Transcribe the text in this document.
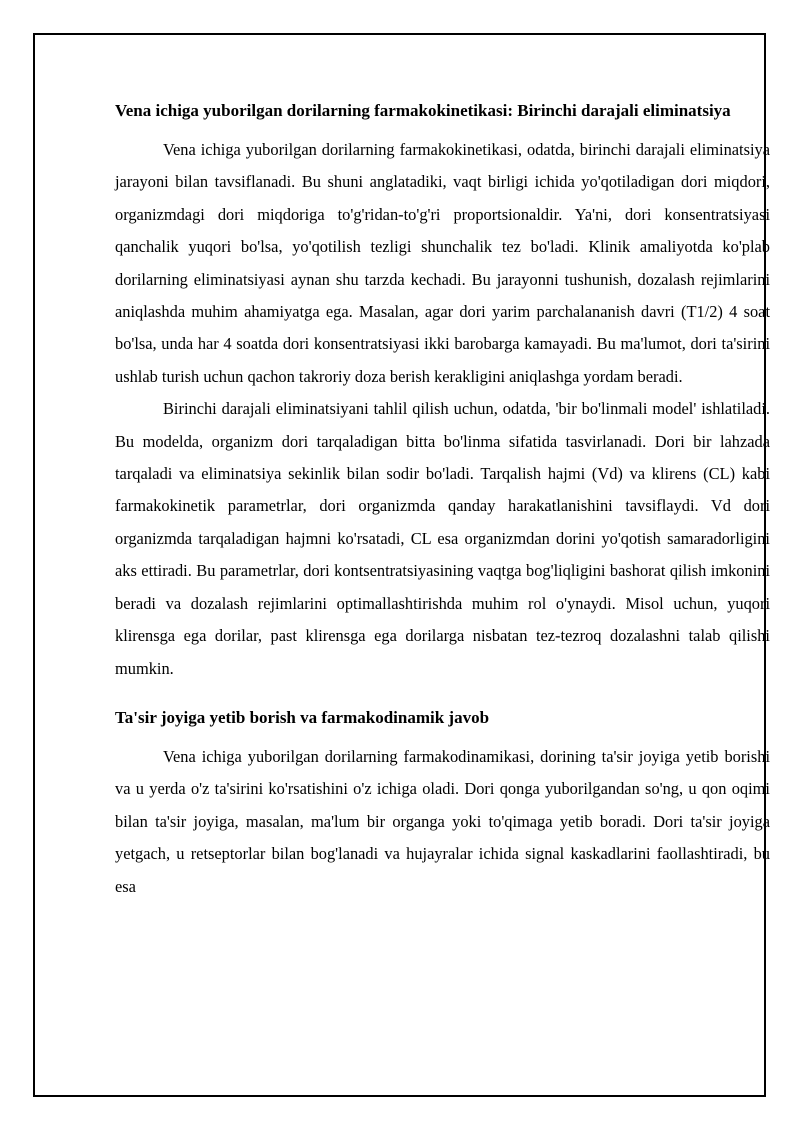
Vena ichiga yuborilgan dorilarning farmakokinetikasi: Birinchi darajali eliminatsiya

Vena ichiga yuborilgan dorilarning farmakokinetikasi, odatda, birinchi darajali eliminatsiya jarayoni bilan tavsiflanadi. Bu shuni anglatadiki, vaqt birligi ichida yo'qotiladigan dori miqdori, organizmdagi dori miqdoriga to'g'ridan-to'g'ri proportsionaldir. Ya'ni, dori konsentratsiyasi qanchalik yuqori bo'lsa, yo'qotilish tezligi shunchalik tez bo'ladi. Klinik amaliyotda ko'plab dorilarning eliminatsiyasi aynan shu tarzda kechadi. Bu jarayonni tushunish, dozalash rejimlarini aniqlashda muhim ahamiyatga ega. Masalan, agar dori yarim parchalananish davri (T1/2) 4 soat bo'lsa, unda har 4 soatda dori konsentratsiyasi ikki barobarga kamayadi. Bu ma'lumot, dori ta'sirini ushlab turish uchun qachon takroriy doza berish kerakligini aniqlashga yordam beradi.

Birinchi darajali eliminatsiyani tahlil qilish uchun, odatda, 'bir bo'linmali model' ishlatiladi. Bu modelda, organizm dori tarqaladigan bitta bo'linma sifatida tasvirlanadi. Dori bir lahzada tarqaladi va eliminatsiya sekinlik bilan sodir bo'ladi. Tarqalish hajmi (Vd) va klirens (CL) kabi farmakokinetik parametrlar, dori organizmda qanday harakatlanishini tavsiflaydi. Vd dori organizmda tarqaladigan hajmni ko'rsatadi, CL esa organizmdan dorini yo'qotish samaradorligini aks ettiradi. Bu parametrlar, dori kontsentratsiyasining vaqtga bog'liqligini bashorat qilish imkonini beradi va dozalash rejimlarini optimallashtirishda muhim rol o'ynaydi. Misol uchun, yuqori klirensga ega dorilar, past klirensga ega dorilarga nisbatan tez-tezroq dozalashni talab qilishi mumkin.

Ta'sir joyiga yetib borish va farmakodinamik javob

Vena ichiga yuborilgan dorilarning farmakodinamikasi, dorining ta'sir joyiga yetib borishi va u yerda o'z ta'sirini ko'rsatishini o'z ichiga oladi. Dori qonga yuborilgandan so'ng, u qon oqimi bilan ta'sir joyiga, masalan, ma'lum bir organga yoki to'qimaga yetib boradi. Dori ta'sir joyiga yetgach, u retseptorlar bilan bog'lanadi va hujayralar ichida signal kaskadlarini faollashtiradi, bu esa
